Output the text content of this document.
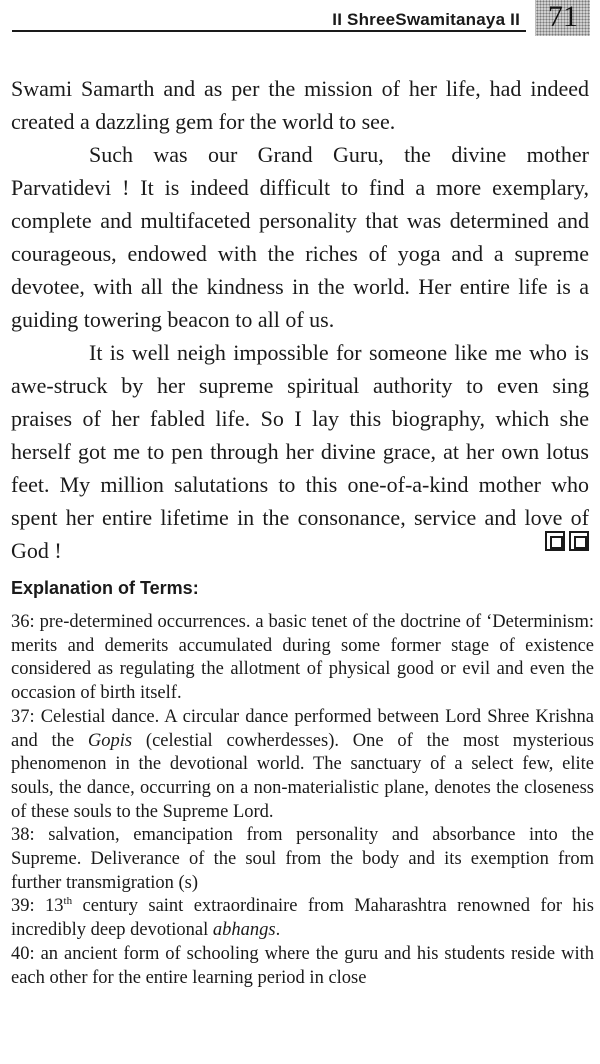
II ShreeSwamitanaya II 71

Swami Samarth and as per the mission of her life, had indeed created a dazzling gem for the world to see.

Such was our Grand Guru, the divine mother Parvatidevi ! It is indeed difficult to find a more exemplary, complete and multifaceted personality that was determined and courageous, endowed with the riches of yoga and a supreme devotee, with all the kindness in the world. Her entire life is a guiding towering beacon to all of us.

It is well neigh impossible for someone like me who is awe-struck by her supreme spiritual authority to even sing praises of her fabled life. So I lay this biography, which she herself got me to pen through her divine grace, at her own lotus feet. My million salutations to this one-of-a-kind mother who spent her entire lifetime in the consonance, service and love of God !

Explanation of Terms:

36: pre-determined occurrences. a basic tenet of the doctrine of ‘Determinism: merits and demerits accumulated during some former stage of existence considered as regulating the allotment of physical good or evil and even the occasion of birth itself.

37: Celestial dance. A circular dance performed between Lord Shree Krishna and the Gopis (celestial cowherdesses). One of the most mysterious phenomenon in the devotional world. The sanctuary of a select few, elite souls, the dance, occurring on a non-materialistic plane, denotes the closeness of these souls to the Supreme Lord.

38: salvation, emancipation from personality and absorbance into the Supreme. Deliverance of the soul from the body and its exemption from further transmigration (s)

39: 13th century saint extraordinaire from Maharashtra renowned for his incredibly deep devotional abhangs.

40: an ancient form of schooling where the guru and his students reside with each other for the entire learning period in close
